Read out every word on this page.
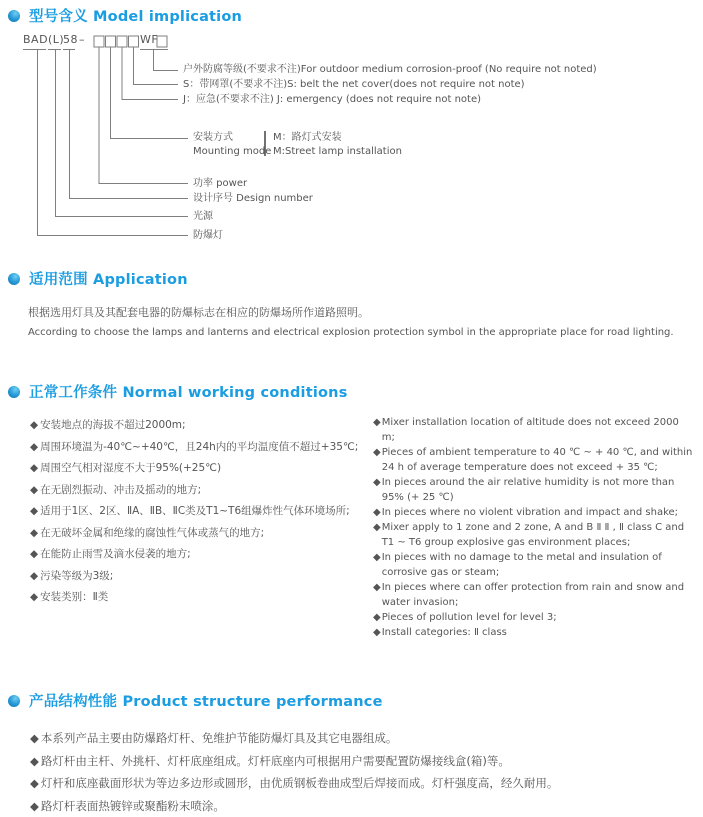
型号含义 Model implication
BAD (L)
58 –	WF
户外防腐等级(不要求不注)For outdoor medium corrosion-proof (No require not noted)
S：带网罩(不要求不注)S: belt the net cover(does not require not note)
J：应急(不要求不注) J: emergency (does not require not note)
安装方式
Mounting mode
M：路灯式安装
M:Street lamp installation
功率 power
设计序号 Design number
光源
防爆灯
适用范围 Application

根据选用灯具及其配套电器的防爆标志在相应的防爆场所作道路照明。

According to choose the lamps and lanterns and electrical explosion protection symbol in the appropriate place for road lighting.

正常工作条件 Normal working conditions
◆ 安装地点的海拔不超过2000m;
◆ 周围环境温为-40℃~+40℃，且24h内的平均温度值不超过+35℃;
◆ 周围空气相对湿度不大于95%(+25℃)
◆ 在无剧烈振动、冲击及摇动的地方;
◆ 适用于1区、2区、ⅡA、ⅡB、ⅡC类及T1~T6组爆炸性气体环境场所;
◆ 在无破坏金属和绝缘的腐蚀性气体或蒸气的地方;
◆ 在能防止雨雪及滴水侵袭的地方;
◆ 污染等级为3级;
◆ 安装类别：Ⅱ类
◆ Mixer installation location of altitude does not exceed 2000 m;
◆ Pieces of ambient temperature to 40 ℃ ~ + 40 ℃, and within 24 h of average temperature does not exceed + 35 ℃;
◆ In pieces around the air relative humidity is not more than 95% (+ 25 ℃)
◆ In pieces where no violent vibration and impact and shake;
◆ Mixer apply to 1 zone and 2 zone, A and B Ⅱ Ⅱ , Ⅱ class C and T1 ~ T6 group explosive gas environment places;
◆ In pieces with no damage to the metal and insulation of corrosive gas or steam;
◆ In pieces where can offer protection from rain and snow and water invasion;
◆ Pieces of pollution level for level 3;
◆ Install categories: Ⅱ class
产品结构性能 Product structure performance
◆ 本系列产品主要由防爆路灯杆、免维护节能防爆灯具及其它电器组成。
◆ 路灯杆由主杆、外挑杆、灯杆底座组成。灯杆底座内可根据用户需要配置防爆接线盒(箱)等。
◆ 灯杆和底座截面形状为等边多边形或圆形，由优质钢板卷曲成型后焊接而成。灯杆强度高，经久耐用。
◆ 路灯杆表面热镀锌或聚酯粉末喷涂。
